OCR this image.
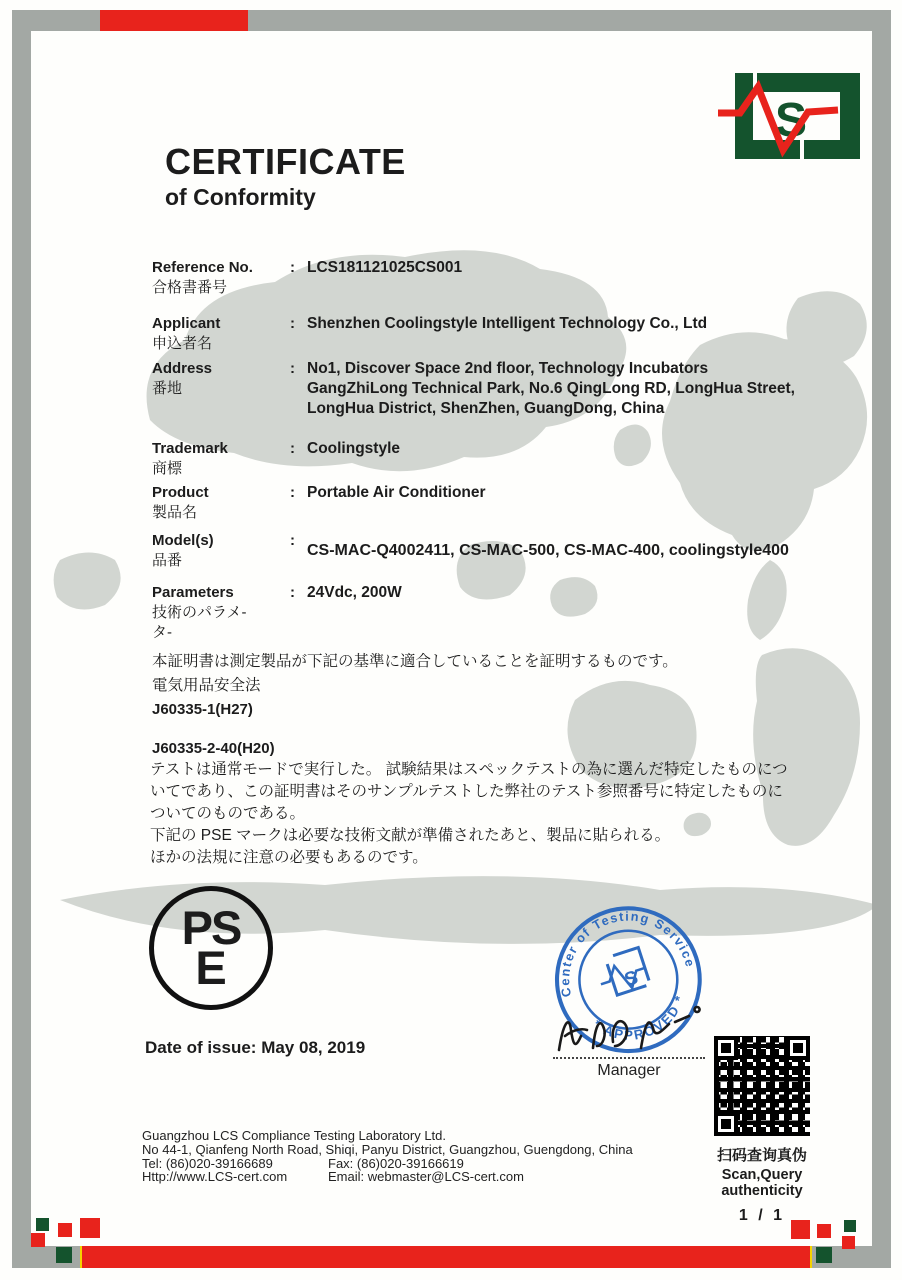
S
CERTIFICATE
of Conformity
Reference No.
合格書番号
: LCS181121025CS001
Applicant
申込者名
: Shenzhen Coolingstyle Intelligent Technology Co., Ltd
Address
番地
: No1, Discover Space 2nd floor, Technology Incubators
GangZhiLong Technical Park, No.6 QingLong RD, LongHua Street,
LongHua District, ShenZhen, GuangDong, China
Trademark
商標
: Coolingstyle
Product
製品名
: Portable Air Conditioner
Model(s)
品番
:
CS-MAC-Q4002411, CS-MAC-500, CS-MAC-400, coolingstyle400
Parameters
技術のパラメ-
タ-
: 24Vdc, 200W
本証明書は測定製品が下記の基準に適合していることを証明するものです。
電気用品安全法
J60335-1(H27)
J60335-2-40(H20)
テストは通常モードで実行した。 試験結果はスペックテストの為に選んだ特定したものにつ
いてであり、この証明書はそのサンプルテストした弊社のテスト参照番号に特定したものに
ついてのものである。
下記の PSE マークは必要な技術文献が準備されたあと、製品に貼られる。
ほかの法規に注意の必要もあるのです。
PS
E
Date of issue: May 08, 2019
Center of Testing Service
* APPROVED *
S
Manager
扫码查询真伪
Scan,Query authenticity
1 / 1
Guangzhou LCS Compliance Testing Laboratory Ltd.
No 44-1, Qianfeng North Road, Shiqi, Panyu District, Guangzhou, Guengdong, China
Tel: (86)020-39166689	Fax: (86)020-39166619
Http://www.LCS-cert.com	Email: webmaster@LCS-cert.com
